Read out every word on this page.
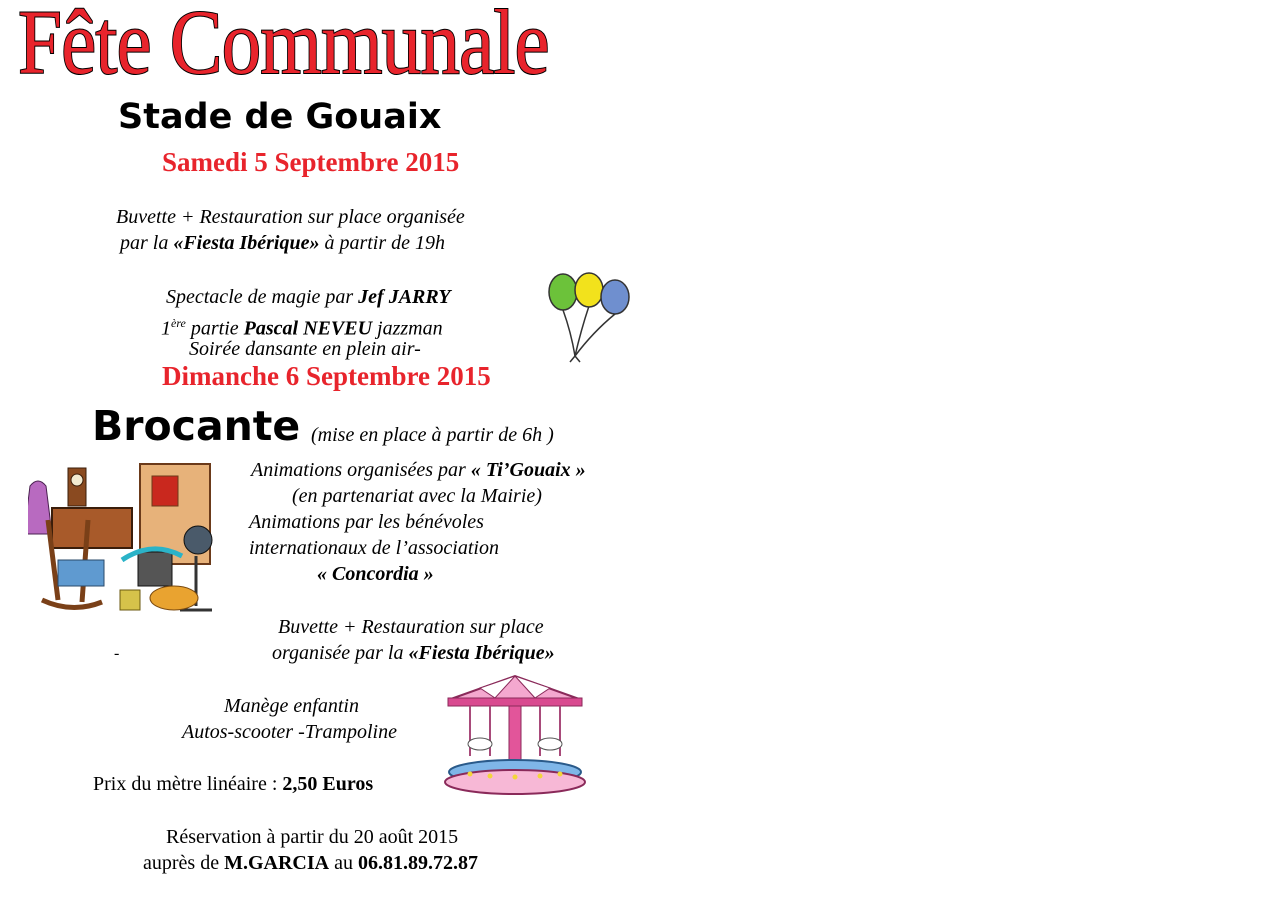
Fête Communale
Stade de Gouaix
Samedi 5 Septembre 2015
Buvette + Restauration sur place organisée
par la «Fiesta Ibérique» à partir de 19h
Spectacle de magie par Jef JARRY
1ère partie Pascal NEVEU jazzman
Soirée dansante en plein air-
Dimanche 6 Septembre 2015
Brocante (mise en place à partir de 6h )
Animations organisées par « Ti’Gouaix »
(en partenariat avec la Mairie)
Animations par les bénévoles
internationaux de l’association
« Concordia »
-
Buvette + Restauration sur place
organisée par la «Fiesta Ibérique»
Manège enfantin
Autos-scooter -Trampoline
Prix du mètre linéaire : 2,50 Euros
Réservation à partir du 20 août 2015
auprès de M.GARCIA au 06.81.89.72.87
